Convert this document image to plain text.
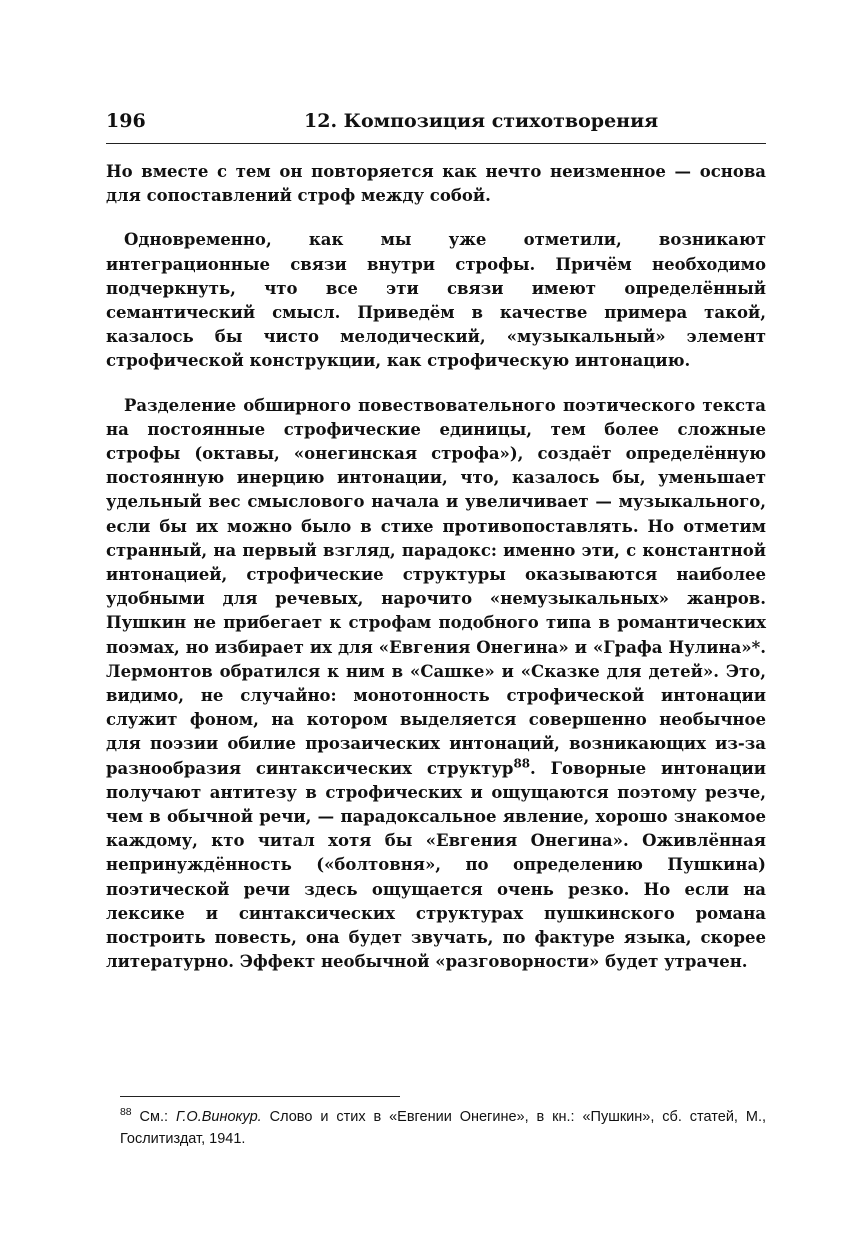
196	12. Композиция стихотворения

Но вместе с тем он повторяется как нечто неизменное — основа для сопоставлений строф между собой.

Одновременно, как мы уже отметили, возникают интеграционные связи внутри строфы. Причём необходимо подчеркнуть, что все эти связи имеют определённый семантический смысл. Приведём в качестве примера такой, казалось бы чисто мелодический, «музыкальный» элемент строфической конструкции, как строфическую интонацию.

Разделение обширного повествовательного поэтического текста на постоянные строфические единицы, тем более сложные строфы (октавы, «онегинская строфа»), создаёт определённую постоянную инерцию интонации, что, казалось бы, уменьшает удельный вес смыслового начала и увеличивает — музыкального, если бы их можно было в стихе противопоставлять. Но отметим странный, на первый взгляд, парадокс: именно эти, с константной интонацией, строфические структуры оказываются наиболее удобными для речевых, нарочито «немузыкальных» жанров. Пушкин не прибегает к строфам подобного типа в романтических поэмах, но избирает их для «Евгения Онегина» и «Графа Нулина»*. Лермонтов обратился к ним в «Сашке» и «Сказке для детей». Это, видимо, не случайно: монотонность строфической интонации служит фоном, на котором выделяется совершенно необычное для поэзии обилие прозаических интонаций, возникающих из-за разнообразия синтаксических структур$^{88}$. Говорные интонации получают антитезу в строфических и ощущаются поэтому резче, чем в обычной речи, — парадоксальное явление, хорошо знакомое каждому, кто читал хотя бы «Евгения Онегина». Оживлённая непринуждённость («болтовня», по определению Пушкина) поэтической речи здесь ощущается очень резко. Но если на лексике и синтаксических структурах пушкинского романа построить повесть, она будет звучать, по фактуре языка, скорее литературно. Эффект необычной «разговорности» будет утрачен.

$^{88}$ См.: Г.О.Винокур. Слово и стих в «Евгении Онегине», в кн.: «Пушкин», сб. статей, М., Гослитиздат, 1941.
